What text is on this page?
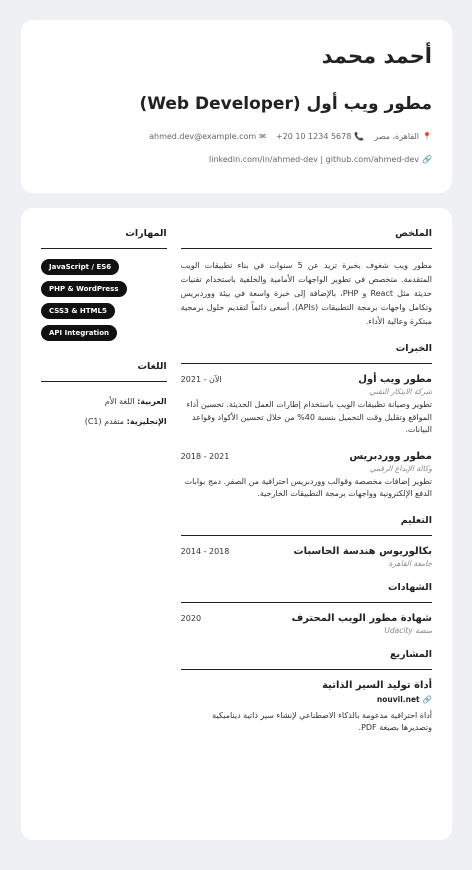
أحمد محمد
مطور ويب أول (Web Developer)
📍
القاهرة، مصر
📞
+20 10 1234 5678
✉
ahmed.dev@example.com
🔗
linkedin.com/in/ahmed-dev | github.com/ahmed-dev
الملخص
مطور ويب شغوف بخبرة تزيد عن 5 سنوات في بناء تطبيقات الويب المتقدمة. متخصص في تطوير الواجهات الأمامية والخلفية باستخدام تقنيات حديثة مثل React و PHP، بالإضافة إلى خبرة واسعة في بيئة ووردبريس وتكامل واجهات برمجة التطبيقات (APIs). أسعى دائماً لتقديم حلول برمجية مبتكرة وعالية الأداء.
الخبرات
مطور ويب أول
2021 - الآن
شركة الابتكار التقني
تطوير وصيانة تطبيقات الويب باستخدام إطارات العمل الحديثة. تحسين أداء المواقع وتقليل وقت التحميل بنسبة 40% من خلال تحسين الأكواد وقواعد البيانات.
مطور ووردبريس
2018 - 2021
وكالة الإبداع الرقمي
تطوير إضافات مخصصة وقوالب ووردبريس احترافية من الصفر. دمج بوابات الدفع الإلكترونية وواجهات برمجة التطبيقات الخارجية.
التعليم
بكالوريوس هندسة الحاسبات
2014 - 2018
جامعة القاهرة
الشهادات
شهادة مطور الويب المحترف
2020
منصة Udacity
المشاريع
أداة توليد السير الذاتية
🔗
nouvil.net
أداة احترافية مدعومة بالذكاء الاصطناعي لإنشاء سير ذاتية ديناميكية وتصديرها بصيغة PDF.
المهارات
JavaScript / ES6
PHP & WordPress
CSS3 & HTML5
API Integration
اللغات
العربية: اللغة الأم
الإنجليزية: متقدم (C1)
